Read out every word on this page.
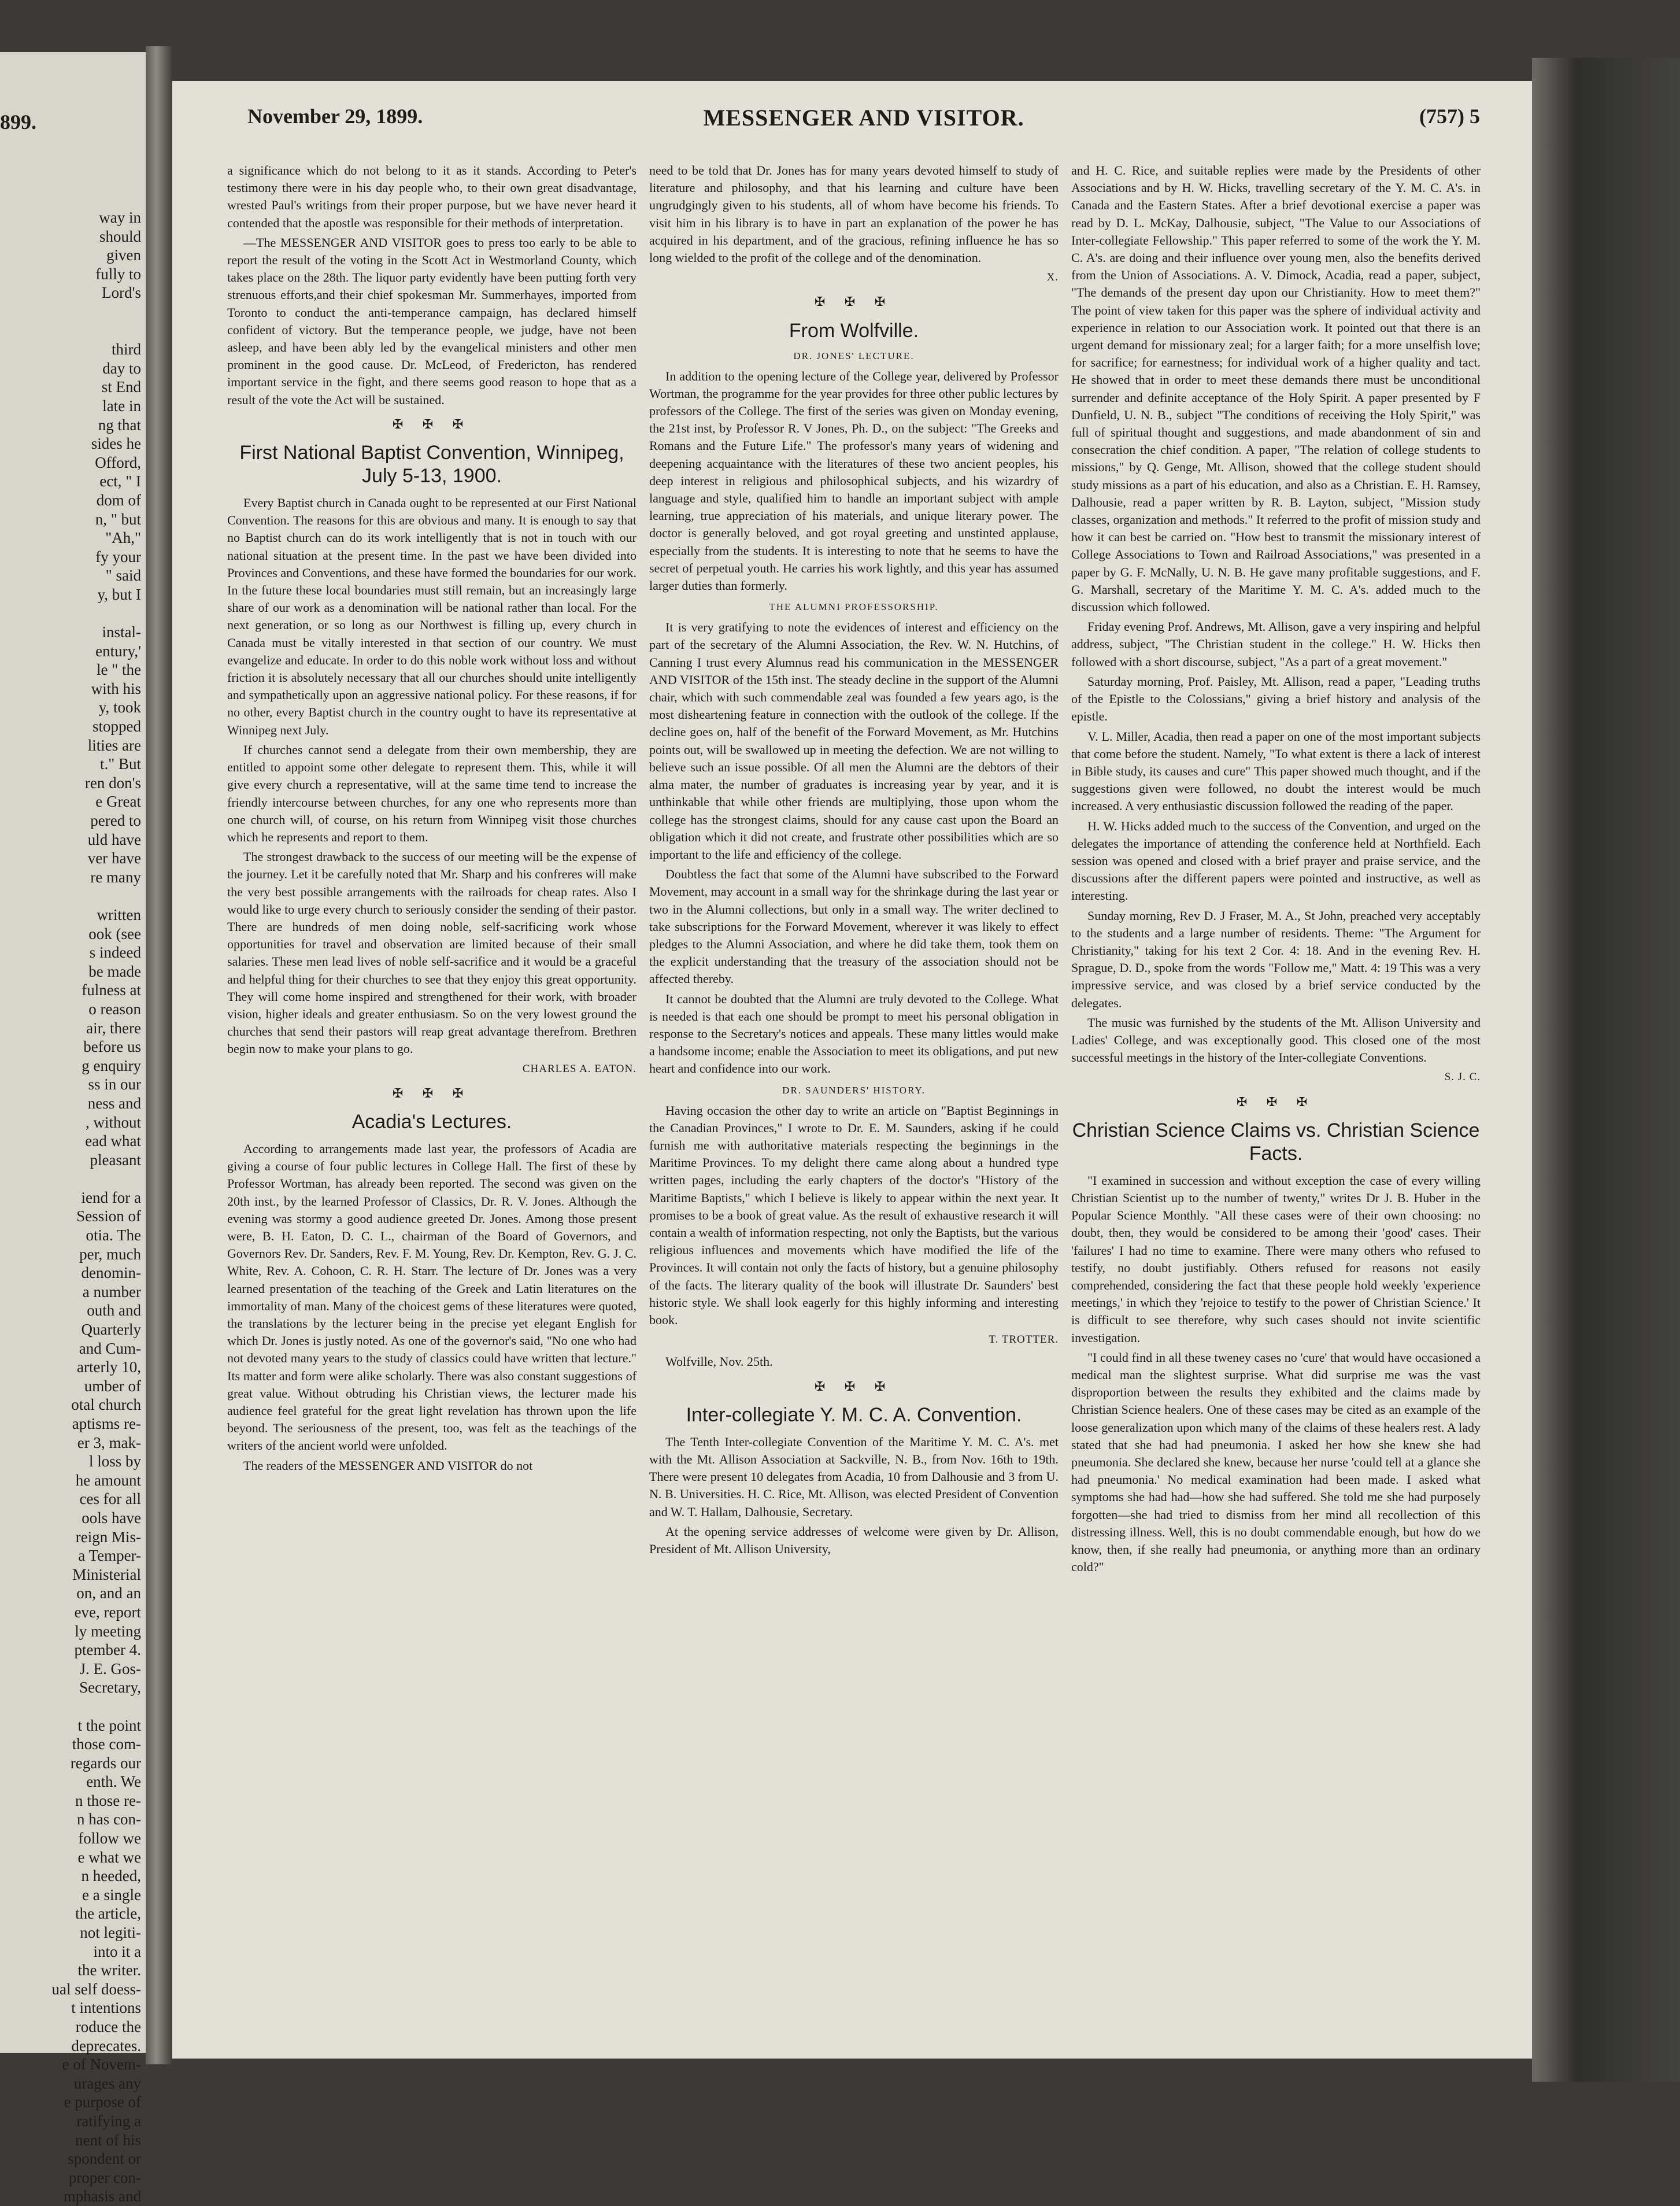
899.
way in
should
given
fully to
Lord's
third
day to
st End
late in
ng that
sides he
Offord,
ect, " I
dom of
n, " but
"Ah,"
fy your
" said
y, but I
instal-
entury,'
le " the
with his
y, took
stopped
lities are
t." But
ren don's
e Great
pered to
uld have
ver have
re many
written
ook (see
s indeed
be made
fulness at
o reason
air, there
before us
g enquiry
ss in our
ness and
, without
ead what
pleasant
iend for a
Session of
otia. The
per, much
denomin-
a number
outh and
Quarterly
and Cum-
arterly 10,
umber of
otal church
aptisms re-
er 3, mak-
l loss by
he amount
ces for all
ools have
reign Mis-
a Temper-
Ministerial
on, and an
eve, report
ly meeting
ptember 4.
J. E. Gos-
Secretary,
t the point
those com-
regards our
enth. We
n those re-
n has con-
follow we
e what we
n heeded,
e a single
the article,
not legiti-
into it a
the writer.
ual self doess-
t intentions
roduce the
deprecates.
e of Novem-
urages any
e purpose of
ratifying a
nent of his
spondent or
proper con-
mphasis and
MESSENGER AND VISITOR.
November 29, 1899.	(757) 5

a significance which do not belong to it as it stands. According to Peter's testimony there were in his day people who, to their own great disadvantage, wrested Paul's writings from their proper purpose, but we have never heard it contended that the apostle was responsible for their methods of interpretation.

—The MESSENGER AND VISITOR goes to press too early to be able to report the result of the voting in the Scott Act in Westmorland County, which takes place on the 28th. The liquor party evidently have been putting forth very strenuous efforts,and their chief spokesman Mr. Summerhayes, imported from Toronto to conduct the anti-temperance campaign, has declared himself confident of victory. But the temperance people, we judge, have not been asleep, and have been ably led by the evangelical ministers and other men prominent in the good cause. Dr. McLeod, of Fredericton, has rendered important service in the fight, and there seems good reason to hope that as a result of the vote the Act will be sustained.

✠ ✠ ✠
First National Baptist Convention, Winnipeg, July 5-13, 1900.

Every Baptist church in Canada ought to be represented at our First National Convention. The reasons for this are obvious and many. It is enough to say that no Baptist church can do its work intelligently that is not in touch with our national situation at the present time. In the past we have been divided into Provinces and Conventions, and these have formed the boundaries for our work. In the future these local boundaries must still remain, but an increasingly large share of our work as a denomination will be national rather than local. For the next generation, or so long as our Northwest is filling up, every church in Canada must be vitally interested in that section of our country. We must evangelize and educate. In order to do this noble work without loss and without friction it is absolutely necessary that all our churches should unite intelligently and sympathetically upon an aggressive national policy. For these reasons, if for no other, every Baptist church in the country ought to have its representative at Winnipeg next July.

If churches cannot send a delegate from their own membership, they are entitled to appoint some other delegate to represent them. This, while it will give every church a representative, will at the same time tend to increase the friendly intercourse between churches, for any one who represents more than one church will, of course, on his return from Winnipeg visit those churches which he represents and report to them.

The strongest drawback to the success of our meeting will be the expense of the journey. Let it be carefully noted that Mr. Sharp and his confreres will make the very best possible arrangements with the railroads for cheap rates. Also I would like to urge every church to seriously consider the sending of their pastor. There are hundreds of men doing noble, self-sacrificing work whose opportunities for travel and observation are limited because of their small salaries. These men lead lives of noble self-sacrifice and it would be a graceful and helpful thing for their churches to see that they enjoy this great opportunity. They will come home inspired and strengthened for their work, with broader vision, higher ideals and greater enthusiasm. So on the very lowest ground the churches that send their pastors will reap great advantage therefrom. Brethren begin now to make your plans to go.

CHARLES A. EATON.
✠ ✠ ✠
Acadia's Lectures.

According to arrangements made last year, the professors of Acadia are giving a course of four public lectures in College Hall. The first of these by Professor Wortman, has already been reported. The second was given on the 20th inst., by the learned Professor of Classics, Dr. R. V. Jones. Although the evening was stormy a good audience greeted Dr. Jones. Among those present were, B. H. Eaton, D. C. L., chairman of the Board of Governors, and Governors Rev. Dr. Sanders, Rev. F. M. Young, Rev. Dr. Kempton, Rev. G. J. C. White, Rev. A. Cohoon, C. R. H. Starr. The lecture of Dr. Jones was a very learned presentation of the teaching of the Greek and Latin literatures on the immortality of man. Many of the choicest gems of these literatures were quoted, the translations by the lecturer being in the precise yet elegant English for which Dr. Jones is justly noted. As one of the governor's said, "No one who had not devoted many years to the study of classics could have written that lecture." Its matter and form were alike scholarly. There was also constant suggestions of great value. Without obtruding his Christian views, the lecturer made his audience feel grateful for the great light revelation has thrown upon the life beyond. The seriousness of the present, too, was felt as the teachings of the writers of the ancient world were unfolded.

The readers of the MESSENGER AND VISITOR do not

need to be told that Dr. Jones has for many years devoted himself to study of literature and philosophy, and that his learning and culture have been ungrudgingly given to his students, all of whom have become his friends. To visit him in his library is to have in part an explanation of the power he has acquired in his department, and of the gracious, refining influence he has so long wielded to the profit of the college and of the denomination.

X.
✠ ✠ ✠
From Wolfville.
DR. JONES' LECTURE.

In addition to the opening lecture of the College year, delivered by Professor Wortman, the programme for the year provides for three other public lectures by professors of the College. The first of the series was given on Monday evening, the 21st inst, by Professor R. V Jones, Ph. D., on the subject: "The Greeks and Romans and the Future Life." The professor's many years of widening and deepening acquaintance with the literatures of these two ancient peoples, his deep interest in religious and philosophical subjects, and his wizardry of language and style, qualified him to handle an important subject with ample learning, true appreciation of his materials, and unique literary power. The doctor is generally beloved, and got royal greeting and unstinted applause, especially from the students. It is interesting to note that he seems to have the secret of perpetual youth. He carries his work lightly, and this year has assumed larger duties than formerly.

THE ALUMNI PROFESSORSHIP.

It is very gratifying to note the evidences of interest and efficiency on the part of the secretary of the Alumni Association, the Rev. W. N. Hutchins, of Canning I trust every Alumnus read his communication in the MESSENGER AND VISITOR of the 15th inst. The steady decline in the support of the Alumni chair, which with such commendable zeal was founded a few years ago, is the most disheartening feature in connection with the outlook of the college. If the decline goes on, half of the benefit of the Forward Movement, as Mr. Hutchins points out, will be swallowed up in meeting the defection. We are not willing to believe such an issue possible. Of all men the Alumni are the debtors of their alma mater, the number of graduates is increasing year by year, and it is unthinkable that while other friends are multiplying, those upon whom the college has the strongest claims, should for any cause cast upon the Board an obligation which it did not create, and frustrate other possibilities which are so important to the life and efficiency of the college.

Doubtless the fact that some of the Alumni have subscribed to the Forward Movement, may account in a small way for the shrinkage during the last year or two in the Alumni collections, but only in a small way. The writer declined to take subscriptions for the Forward Movement, wherever it was likely to effect pledges to the Alumni Association, and where he did take them, took them on the explicit understanding that the treasury of the association should not be affected thereby.

It cannot be doubted that the Alumni are truly devoted to the College. What is needed is that each one should be prompt to meet his personal obligation in response to the Secretary's notices and appeals. These many littles would make a handsome income; enable the Association to meet its obligations, and put new heart and confidence into our work.

DR. SAUNDERS' HISTORY.

Having occasion the other day to write an article on "Baptist Beginnings in the Canadian Provinces," I wrote to Dr. E. M. Saunders, asking if he could furnish me with authoritative materials respecting the beginnings in the Maritime Provinces. To my delight there came along about a hundred type written pages, including the early chapters of the doctor's "History of the Maritime Baptists," which I believe is likely to appear within the next year. It promises to be a book of great value. As the result of exhaustive research it will contain a wealth of information respecting, not only the Baptists, but the various religious influences and movements which have modified the life of the Provinces. It will contain not only the facts of history, but a genuine philosophy of the facts. The literary quality of the book will illustrate Dr. Saunders' best historic style. We shall look eagerly for this highly informing and interesting book.

T. TROTTER.

Wolfville, Nov. 25th.

✠ ✠ ✠
Inter-collegiate Y. M. C. A. Convention.

The Tenth Inter-collegiate Convention of the Maritime Y. M. C. A's. met with the Mt. Allison Association at Sackville, N. B., from Nov. 16th to 19th. There were present 10 delegates from Acadia, 10 from Dalhousie and 3 from U. N. B. Universities. H. C. Rice, Mt. Allison, was elected President of Convention and W. T. Hallam, Dalhousie, Secretary.

At the opening service addresses of welcome were given by Dr. Allison, President of Mt. Allison University,

and H. C. Rice, and suitable replies were made by the Presidents of other Associations and by H. W. Hicks, travelling secretary of the Y. M. C. A's. in Canada and the Eastern States. After a brief devotional exercise a paper was read by D. L. McKay, Dalhousie, subject, "The Value to our Associations of Inter-collegiate Fellowship." This paper referred to some of the work the Y. M. C. A's. are doing and their influence over young men, also the benefits derived from the Union of Associations. A. V. Dimock, Acadia, read a paper, subject, "The demands of the present day upon our Christianity. How to meet them?" The point of view taken for this paper was the sphere of individual activity and experience in relation to our Association work. It pointed out that there is an urgent demand for missionary zeal; for a larger faith; for a more unselfish love; for sacrifice; for earnestness; for individual work of a higher quality and tact. He showed that in order to meet these demands there must be unconditional surrender and definite acceptance of the Holy Spirit. A paper presented by F Dunfield, U. N. B., subject "The conditions of receiving the Holy Spirit," was full of spiritual thought and suggestions, and made abandonment of sin and consecration the chief condition. A paper, "The relation of college students to missions," by Q. Genge, Mt. Allison, showed that the college student should study missions as a part of his education, and also as a Christian. E. H. Ramsey, Dalhousie, read a paper written by R. B. Layton, subject, "Mission study classes, organization and methods." It referred to the profit of mission study and how it can best be carried on. "How best to transmit the missionary interest of College Associations to Town and Railroad Associations," was presented in a paper by G. F. McNally, U. N. B. He gave many profitable suggestions, and F. G. Marshall, secretary of the Maritime Y. M. C. A's. added much to the discussion which followed.

Friday evening Prof. Andrews, Mt. Allison, gave a very inspiring and helpful address, subject, "The Christian student in the college." H. W. Hicks then followed with a short discourse, subject, "As a part of a great movement."

Saturday morning, Prof. Paisley, Mt. Allison, read a paper, "Leading truths of the Epistle to the Colossians," giving a brief history and analysis of the epistle.

V. L. Miller, Acadia, then read a paper on one of the most important subjects that come before the student. Namely, "To what extent is there a lack of interest in Bible study, its causes and cure" This paper showed much thought, and if the suggestions given were followed, no doubt the interest would be much increased. A very enthusiastic discussion followed the reading of the paper.

H. W. Hicks added much to the success of the Convention, and urged on the delegates the importance of attending the conference held at Northfield. Each session was opened and closed with a brief prayer and praise service, and the discussions after the different papers were pointed and instructive, as well as interesting.

Sunday morning, Rev D. J Fraser, M. A., St John, preached very acceptably to the students and a large number of residents. Theme: "The Argument for Christianity," taking for his text 2 Cor. 4: 18. And in the evening Rev. H. Sprague, D. D., spoke from the words "Follow me," Matt. 4: 19 This was a very impressive service, and was closed by a brief service conducted by the delegates.

The music was furnished by the students of the Mt. Allison University and Ladies' College, and was exceptionally good. This closed one of the most successful meetings in the history of the Inter-collegiate Conventions.

S. J. C.
✠ ✠ ✠
Christian Science Claims vs. Christian Science Facts.

"I examined in succession and without exception the case of every willing Christian Scientist up to the number of twenty," writes Dr J. B. Huber in the Popular Science Monthly. "All these cases were of their own choosing: no doubt, then, they would be considered to be among their 'good' cases. Their 'failures' I had no time to examine. There were many others who refused to testify, no doubt justifiably. Others refused for reasons not easily comprehended, considering the fact that these people hold weekly 'experience meetings,' in which they 'rejoice to testify to the power of Christian Science.' It is difficult to see therefore, why such cases should not invite scientific investigation.

"I could find in all these tweney cases no 'cure' that would have occasioned a medical man the slightest surprise. What did surprise me was the vast disproportion between the results they exhibited and the claims made by Christian Science healers. One of these cases may be cited as an example of the loose generalization upon which many of the claims of these healers rest. A lady stated that she had had pneumonia. I asked her how she knew she had pneumonia. She declared she knew, because her nurse 'could tell at a glance she had pneumonia.' No medical examination had been made. I asked what symptoms she had had—how she had suffered. She told me she had purposely forgotten—she had tried to dismiss from her mind all recollection of this distressing illness. Well, this is no doubt commendable enough, but how do we know, then, if she really had pneumonia, or anything more than an ordinary cold?"
